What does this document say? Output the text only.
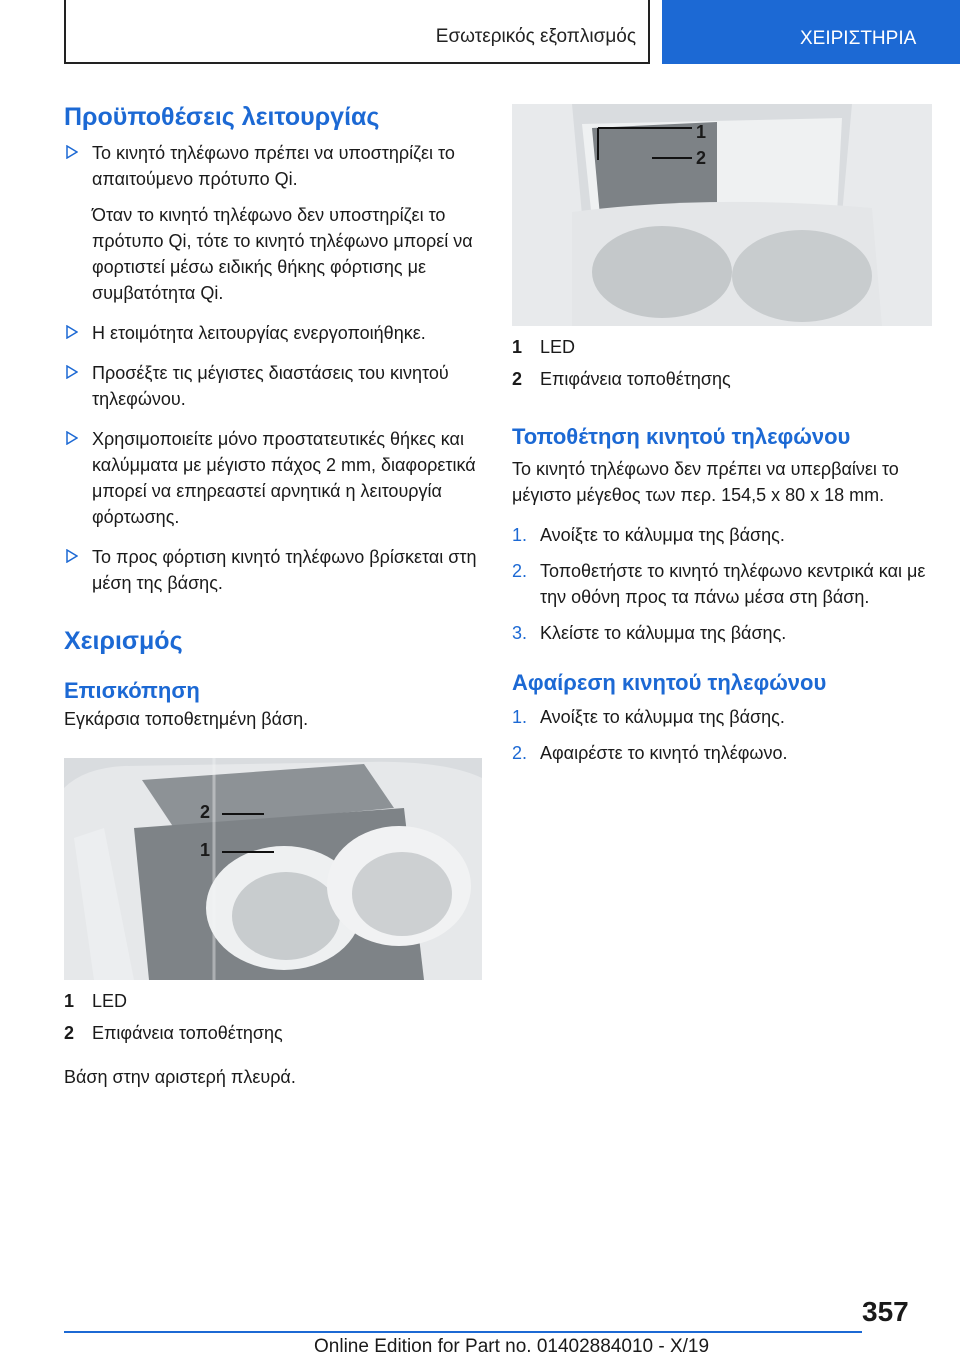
Εσωτερικός εξοπλισμός	ΧΕΙΡΙΣΤΗΡΙΑ
Προϋποθέσεις λειτουργίας
Το κινητό τηλέφωνο πρέπει να υποστηρίζει το απαιτούμενο πρότυπο Qi.
Όταν το κινητό τηλέφωνο δεν υποστηρίζει το πρότυπο Qi, τότε το κινητό τηλέφωνο μπορεί να φορτιστεί μέσω ειδικής θήκης φόρτισης με συμβατότητα Qi.
Η ετοιμότητα λειτουργίας ενεργοποιήθηκε.
Προσέξτε τις μέγιστες διαστάσεις του κινητού τηλεφώνου.
Χρησιμοποιείτε μόνο προστατευτικές θήκες και καλύμματα με μέγιστο πάχος 2 mm, διαφορετικά μπορεί να επηρεαστεί αρνητικά η λειτουργία φόρτωσης.
Το προς φόρτιση κινητό τηλέφωνο βρίσκεται στη μέση της βάσης.
Χειρισμός
Επισκόπηση
Εγκάρσια τοποθετημένη βάση.
2
1
1 LED
2 Επιφάνεια τοποθέτησης
Βάση στην αριστερή πλευρά.
1
2
1 LED
2 Επιφάνεια τοποθέτησης
Τοποθέτηση κινητού τηλεφώνου
Το κινητό τηλέφωνο δεν πρέπει να υπερβαίνει το μέγιστο μέγεθος των περ. 154,5 x 80 x 18 mm.
1. Ανοίξτε το κάλυμμα της βάσης.
2. Τοποθετήστε το κινητό τηλέφωνο κεντρικά και με την οθόνη προς τα πάνω μέσα στη βάση.
3. Κλείστε το κάλυμμα της βάσης.
Αφαίρεση κινητού τηλεφώνου
1. Ανοίξτε το κάλυμμα της βάσης.
2. Αφαιρέστε το κινητό τηλέφωνο.
357
Online Edition for Part no. 01402884010 - X/19
